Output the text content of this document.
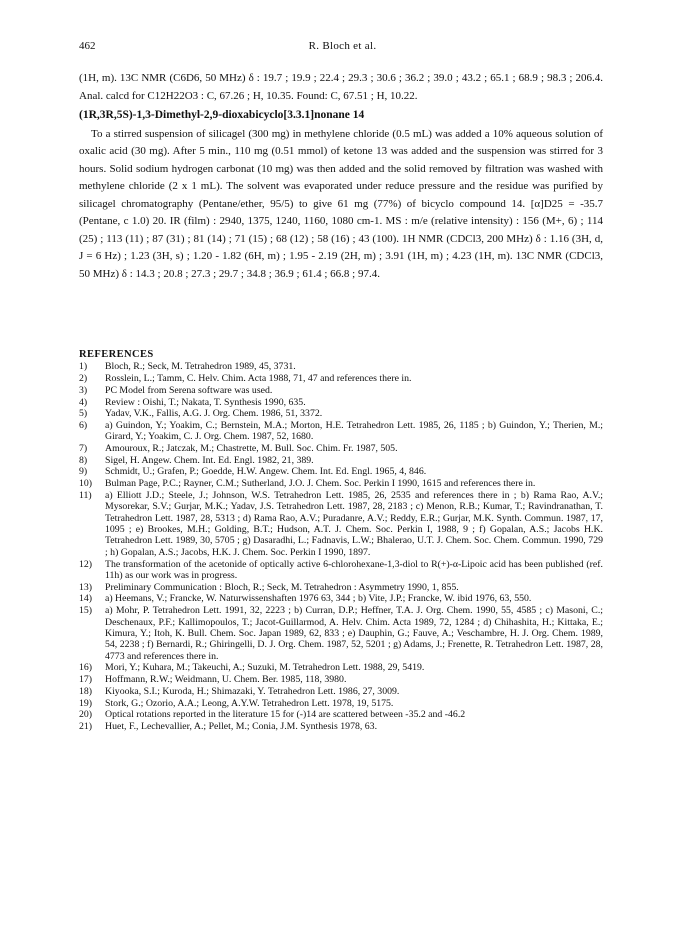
462	R. Bloch et al.

(1H, m). 13C NMR (C6D6, 50 MHz) δ : 19.7 ; 19.9 ; 22.4 ; 29.3 ; 30.6 ; 36.2 ; 39.0 ; 43.2 ; 65.1 ; 68.9 ; 98.3 ; 206.4. Anal. calcd for C12H22O3 : C, 67.26 ; H, 10.35. Found: C, 67.51 ; H, 10.22.

(1R,3R,5S)-1,3-Dimethyl-2,9-dioxabicyclo[3.3.1]nonane 14

To a stirred suspension of silicagel (300 mg) in methylene chloride (0.5 mL) was added a 10% aqueous solution of oxalic acid (30 mg). After 5 min., 110 mg (0.51 mmol) of ketone 13 was added and the suspension was stirred for 3 hours. Solid sodium hydrogen carbonat (10 mg) was then added and the solid removed by filtration was washed with methylene chloride (2 x 1 mL). The solvent was evaporated under reduce pressure and the residue was purified by silicagel chromatography (Pentane/ether, 95/5) to give 61 mg (77%) of bicyclo compound 14. [α]D25 = -35.7 (Pentane, c 1.0) 20. IR (film) : 2940, 1375, 1240, 1160, 1080 cm-1. MS : m/e (relative intensity) : 156 (M+, 6) ; 114 (25) ; 113 (11) ; 87 (31) ; 81 (14) ; 71 (15) ; 68 (12) ; 58 (16) ; 43 (100). 1H NMR (CDCl3, 200 MHz) δ : 1.16 (3H, d, J = 6 Hz) ; 1.23 (3H, s) ; 1.20 - 1.82 (6H, m) ; 1.95 - 2.19 (2H, m) ; 3.91 (1H, m) ; 4.23 (1H, m). 13C NMR (CDCl3, 50 MHz) δ : 14.3 ; 20.8 ; 27.3 ; 29.7 ; 34.8 ; 36.9 ; 61.4 ; 66.8 ; 97.4.

REFERENCES
1)	Bloch, R.; Seck, M. Tetrahedron 1989, 45, 3731.
2)	Rosslein, L.; Tamm, C. Helv. Chim. Acta 1988, 71, 47 and references there in.
3)	PC Model from Serena software was used.
4)	Review : Oishi, T.; Nakata, T. Synthesis 1990, 635.
5)	Yadav, V.K., Fallis, A.G. J. Org. Chem. 1986, 51, 3372.
6)	a) Guindon, Y.; Yoakim, C.; Bernstein, M.A.; Morton, H.E. Tetrahedron Lett. 1985, 26, 1185 ; b) Guindon, Y.; Therien, M.; Girard, Y.; Yoakim, C. J. Org. Chem. 1987, 52, 1680.
7)	Amouroux, R.; Jatczak, M.; Chastrette, M. Bull. Soc. Chim. Fr. 1987, 505.
8)	Sigel, H. Angew. Chem. Int. Ed. Engl. 1982, 21, 389.
9)	Schmidt, U.; Grafen, P.; Goedde, H.W. Angew. Chem. Int. Ed. Engl. 1965, 4, 846.
10)	Bulman Page, P.C.; Rayner, C.M.; Sutherland, J.O. J. Chem. Soc. Perkin I 1990, 1615 and references there in.
11)	a) Elliott J.D.; Steele, J.; Johnson, W.S. Tetrahedron Lett. 1985, 26, 2535 and references there in ; b) Rama Rao, A.V.; Mysorekar, S.V.; Gurjar, M.K.; Yadav, J.S. Tetrahedron Lett. 1987, 28, 2183 ; c) Menon, R.B.; Kumar, T.; Ravindranathan, T. Tetrahedron Lett. 1987, 28, 5313 ; d) Rama Rao, A.V.; Puradanre, A.V.; Reddy, E.R.; Gurjar, M.K. Synth. Commun. 1987, 17, 1095 ; e) Brookes, M.H.; Golding, B.T.; Hudson, A.T. J. Chem. Soc. Perkin I, 1988, 9 ; f) Gopalan, A.S.; Jacobs H.K. Tetrahedron Lett. 1989, 30, 5705 ; g) Dasaradhi, L.; Fadnavis, L.W.; Bhalerao, U.T. J. Chem. Soc. Chem. Commun. 1990, 729 ; h) Gopalan, A.S.; Jacobs, H.K. J. Chem. Soc. Perkin I 1990, 1897.
12)	The transformation of the acetonide of optically active 6-chlorohexane-1,3-diol to R(+)-α-Lipoic acid has been published (ref. 11h) as our work was in progress.
13)	Preliminary Communication : Bloch, R.; Seck, M. Tetrahedron : Asymmetry 1990, 1, 855.
14)	a) Heemans, V.; Francke, W. Naturwissenshaften 1976 63, 344 ; b) Vite, J.P.; Francke, W. ibid 1976, 63, 550.
15)	a) Mohr, P. Tetrahedron Lett. 1991, 32, 2223 ; b) Curran, D.P.; Heffner, T.A. J. Org. Chem. 1990, 55, 4585 ; c) Masoni, C.; Deschenaux, P.F.; Kallimopoulos, T.; Jacot-Guillarmod, A. Helv. Chim. Acta 1989, 72, 1284 ; d) Chihashita, H.; Kittaka, E.; Kimura, Y.; Itoh, K. Bull. Chem. Soc. Japan 1989, 62, 833 ; e) Dauphin, G.; Fauve, A.; Veschambre, H. J. Org. Chem. 1989, 54, 2238 ; f) Bernardi, R.; Ghiringelli, D. J. Org. Chem. 1987, 52, 5201 ; g) Adams, J.; Frenette, R. Tetrahedron Lett. 1987, 28, 4773 and references there in.
16)	Mori, Y.; Kuhara, M.; Takeuchi, A.; Suzuki, M. Tetrahedron Lett. 1988, 29, 5419.
17)	Hoffmann, R.W.; Weidmann, U. Chem. Ber. 1985, 118, 3980.
18)	Kiyooka, S.I.; Kuroda, H.; Shimazaki, Y. Tetrahedron Lett. 1986, 27, 3009.
19)	Stork, G.; Ozorio, A.A.; Leong, A.Y.W. Tetrahedron Lett. 1978, 19, 5175.
20)	Optical rotations reported in the literature 15 for (-)14 are scattered between -35.2 and -46.2
21)	Huet, F., Lechevallier, A.; Pellet, M.; Conia, J.M. Synthesis 1978, 63.
